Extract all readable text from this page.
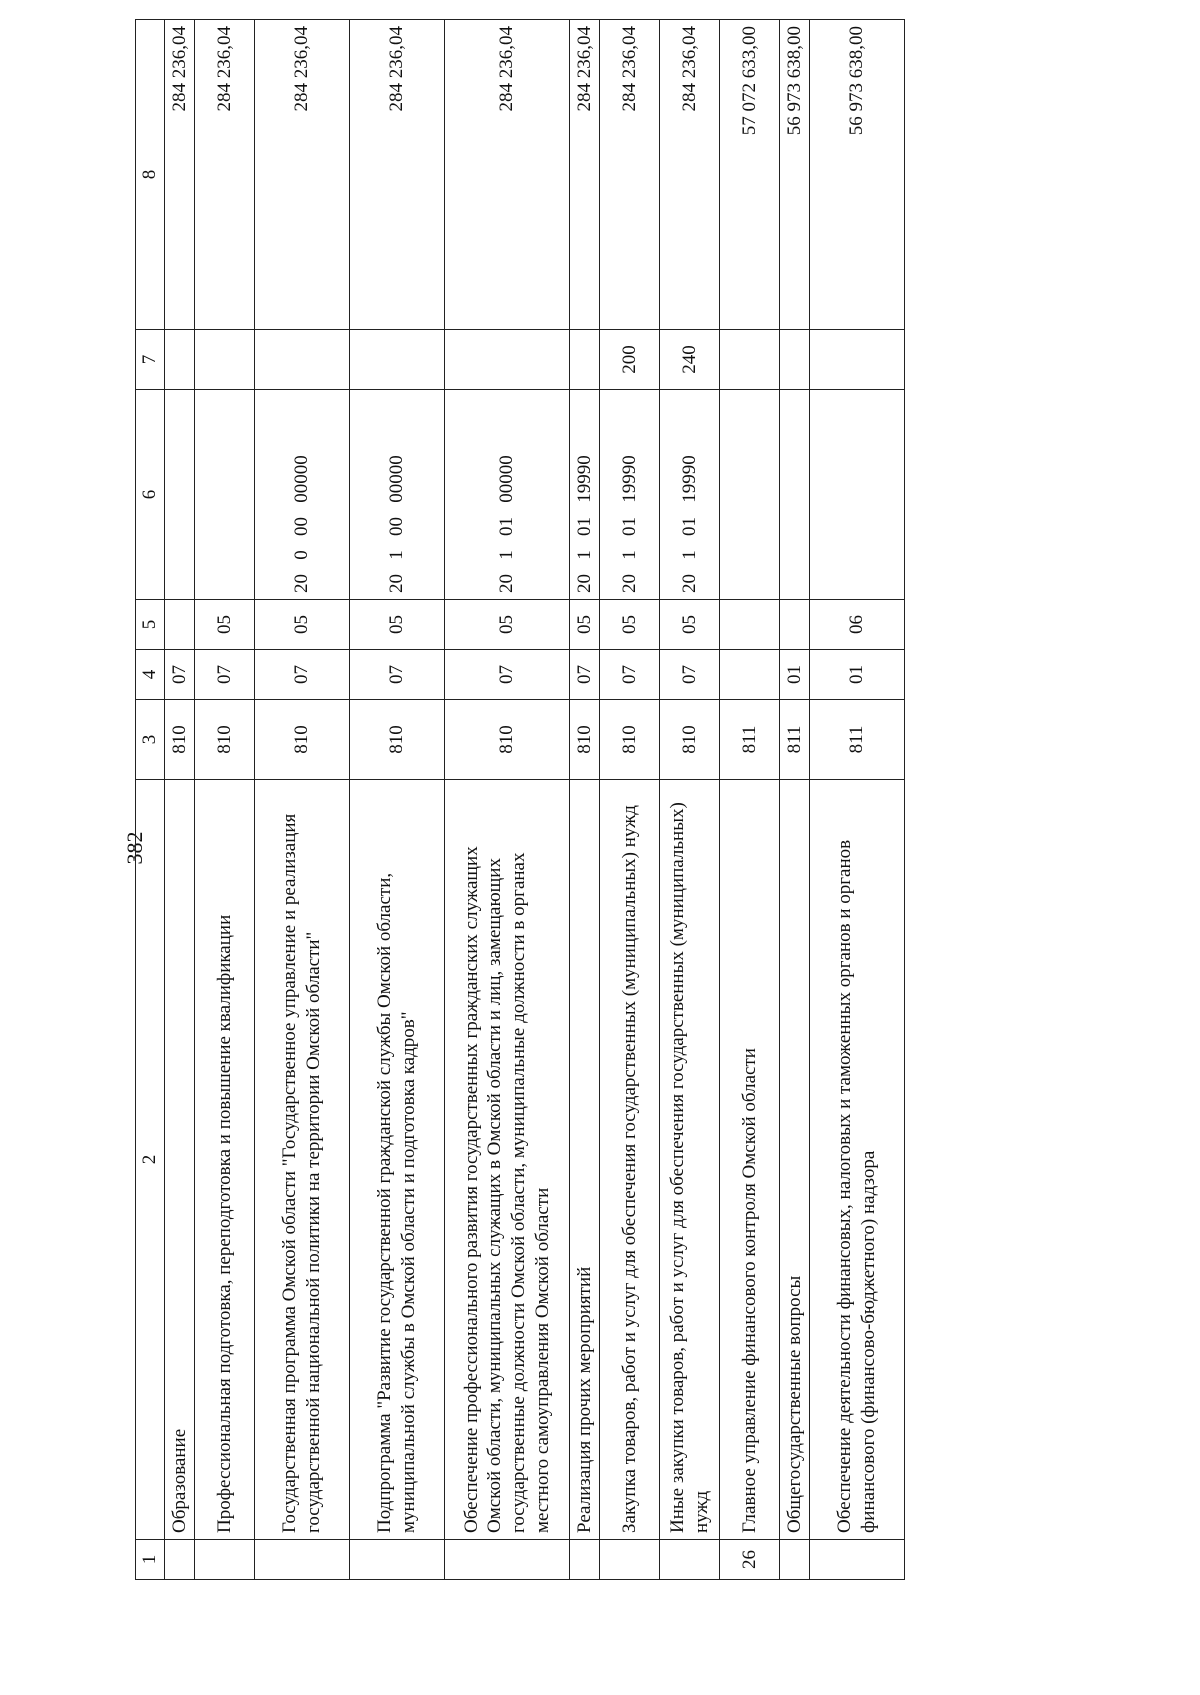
382
1	2	3	4	5	6	7	8
	Образование	810	07				284 236,04
	Профессиональная подготовка, переподготовка и повышение квалификации	810	07	05			284 236,04
	Государственная программа Омской области "Государственное управление и реализация государственной национальной политики на территории Омской области"	810	07	05	20   0   00   00000		284 236,04
	Подпрограмма "Развитие государственной гражданской службы Омской области, муниципальной службы в Омской области и подготовка кадров"	810	07	05	20   1   00   00000		284 236,04
	Обеспечение профессионального развития государственных гражданских служащих Омской области, муниципальных служащих в Омской области и лиц, замещающих государственные должности Омской области, муниципальные должности в органах местного самоуправления Омской области	810	07	05	20   1   01   00000		284 236,04
	Реализация прочих мероприятий	810	07	05	20   1   01   19990		284 236,04
	Закупка товаров, работ и услуг для обеспечения государственных (муниципальных) нужд	810	07	05	20   1   01   19990	200	284 236,04
	Иные закупки товаров, работ и услуг для обеспечения государственных (муниципальных) нужд	810	07	05	20   1   01   19990	240	284 236,04
26	Главное управление финансового контроля Омской области	811					57 072 633,00
	Общегосударственные вопросы	811	01				56 973 638,00
	Обеспечение деятельности финансовых, налоговых и таможенных органов и органов финансового (финансово-бюджетного) надзора	811	01	06			56 973 638,00
